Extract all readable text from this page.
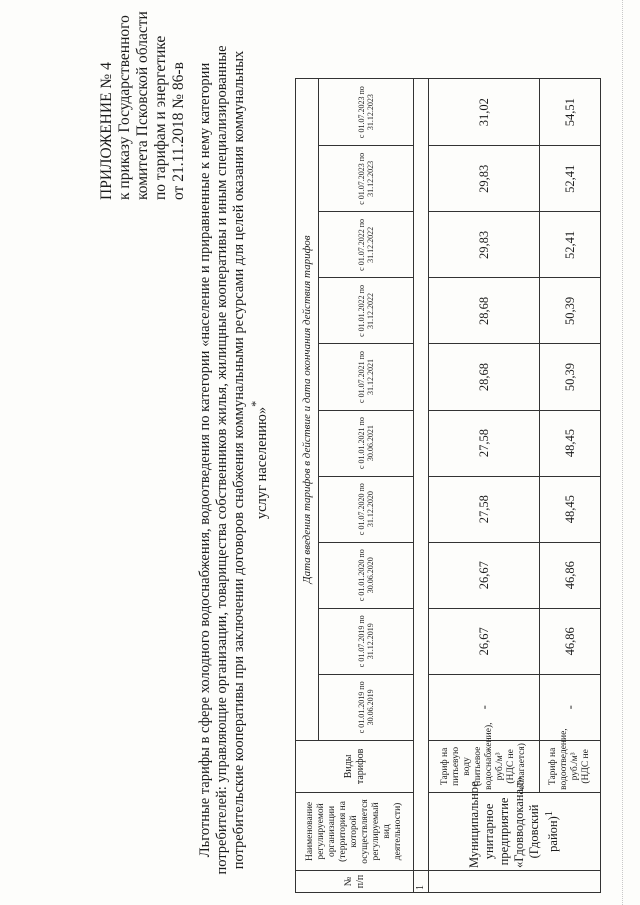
ПРИЛОЖЕНИЕ № 4 к приказу Государственного комитета Псковской области по тарифам и энергетике от 21.11.2018 № 86-в Льготные тарифы в сфере холодного водоснабжения, водоотведения по категории «население и приравненные к нему категории потребителей: управляющие организации, товарищества собственников жилья, жилищные кооперативы и иным специализированные потребительские кооперативы при заключении договоров снабжения коммунальными ресурсами для целей оказания коммунальных услуг населению»*

№ п/п	Наименование регулируемой организации (территория на которой осуществляется регулируемый вид деятельности)	Виды тарифов	Дата введения тарифов в действие и дата окончания действия тарифов									
			с 01.01.2019 по 30.06.2019	с 01.07.2019 по 31.12.2019	с 01.01.2020 по 30.06.2020	с 01.07.2020 по 31.12.2020	с 01.01.2021 по 30.06.2021	с 01.07.2021 по 31.12.2021	с 01.01.2022 по 31.12.2022	с 01.07.2022 по 31.12.2022	с 01.07.2023 по 31.12.2023	с 01.07.2023 по 31.12.2023
1												
	Муниципальное унитарное предприятие «Гдовводоканал» (Гдовский район)$^1$	Тариф на питьевую воду (питьевое водоснабжение), руб./м³ (НДС не облагается)	-	26,67	26,67	27,58	27,58	28,68	28,68	29,83	29,83	31,02
		Тариф на водоотведение, руб./м³ (НДС не	-	46,86	46,86	48,45	48,45	50,39	50,39	52,41	52,41	54,51
